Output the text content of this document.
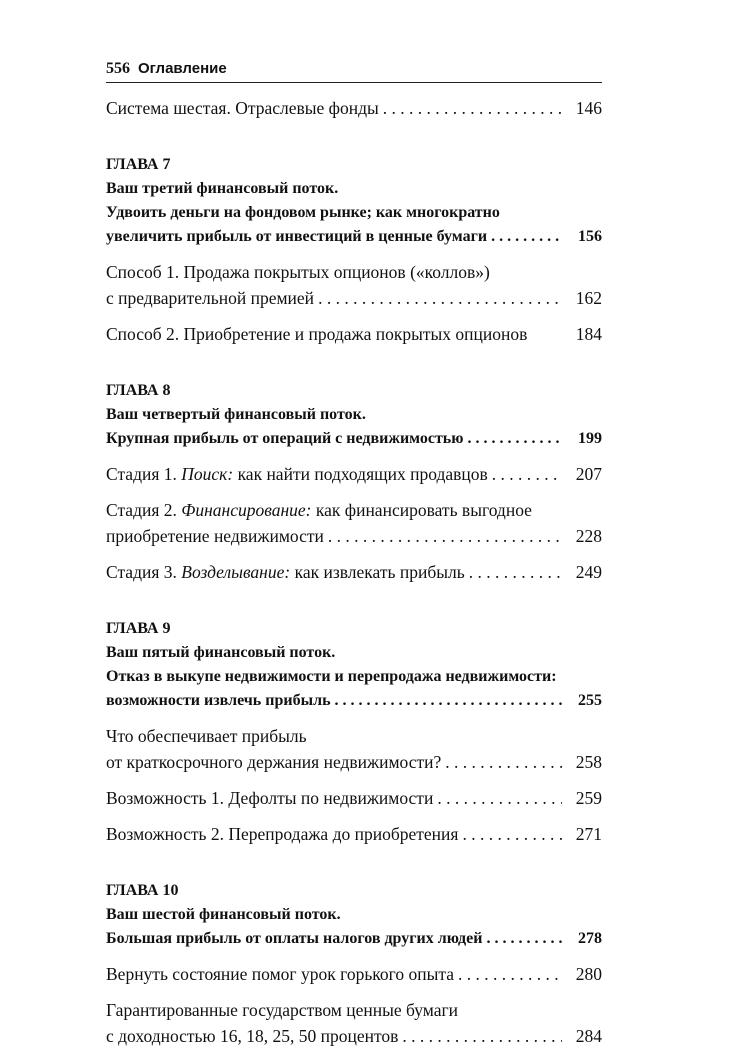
556 Оглавление
Система шестая. Отраслевые фонды . . .	146
ГЛАВА 7
Ваш третий финансовый поток.
Удвоить деньги на фондовом рынке; как многократно
увеличить прибыль от инвестиций в ценные бумаги . . .	156
Способ 1. Продажа покрытых опционов («коллов»)
с предварительной премией . . .	162
Способ 2. Приобретение и продажа покрытых опционов	184
ГЛАВА 8
Ваш четвертый финансовый поток.
Крупная прибыль от операций с недвижимостью . . .	199
Стадия 1. Поиск: как найти подходящих продавцов . . .	207
Стадия 2. Финансирование: как финансировать выгодное
приобретение недвижимости . . .	228
Стадия 3. Возделывание: как извлекать прибыль . . .	249
ГЛАВА 9
Ваш пятый финансовый поток.
Отказ в выкупе недвижимости и перепродажа недвижимости:
возможности извлечь прибыль . . .	255
Что обеспечивает прибыль
от краткосрочного держания недвижимости? . . .	258
Возможность 1. Дефолты по недвижимости . . .	259
Возможность 2. Перепродажа до приобретения . . .	271
ГЛАВА 10
Ваш шестой финансовый поток.
Большая прибыль от оплаты налогов других людей . . .	278
Вернуть состояние помог урок горького опыта . . .	280
Гарантированные государством ценные бумаги
с доходностью 16, 18, 25, 50 процентов . . .	284
